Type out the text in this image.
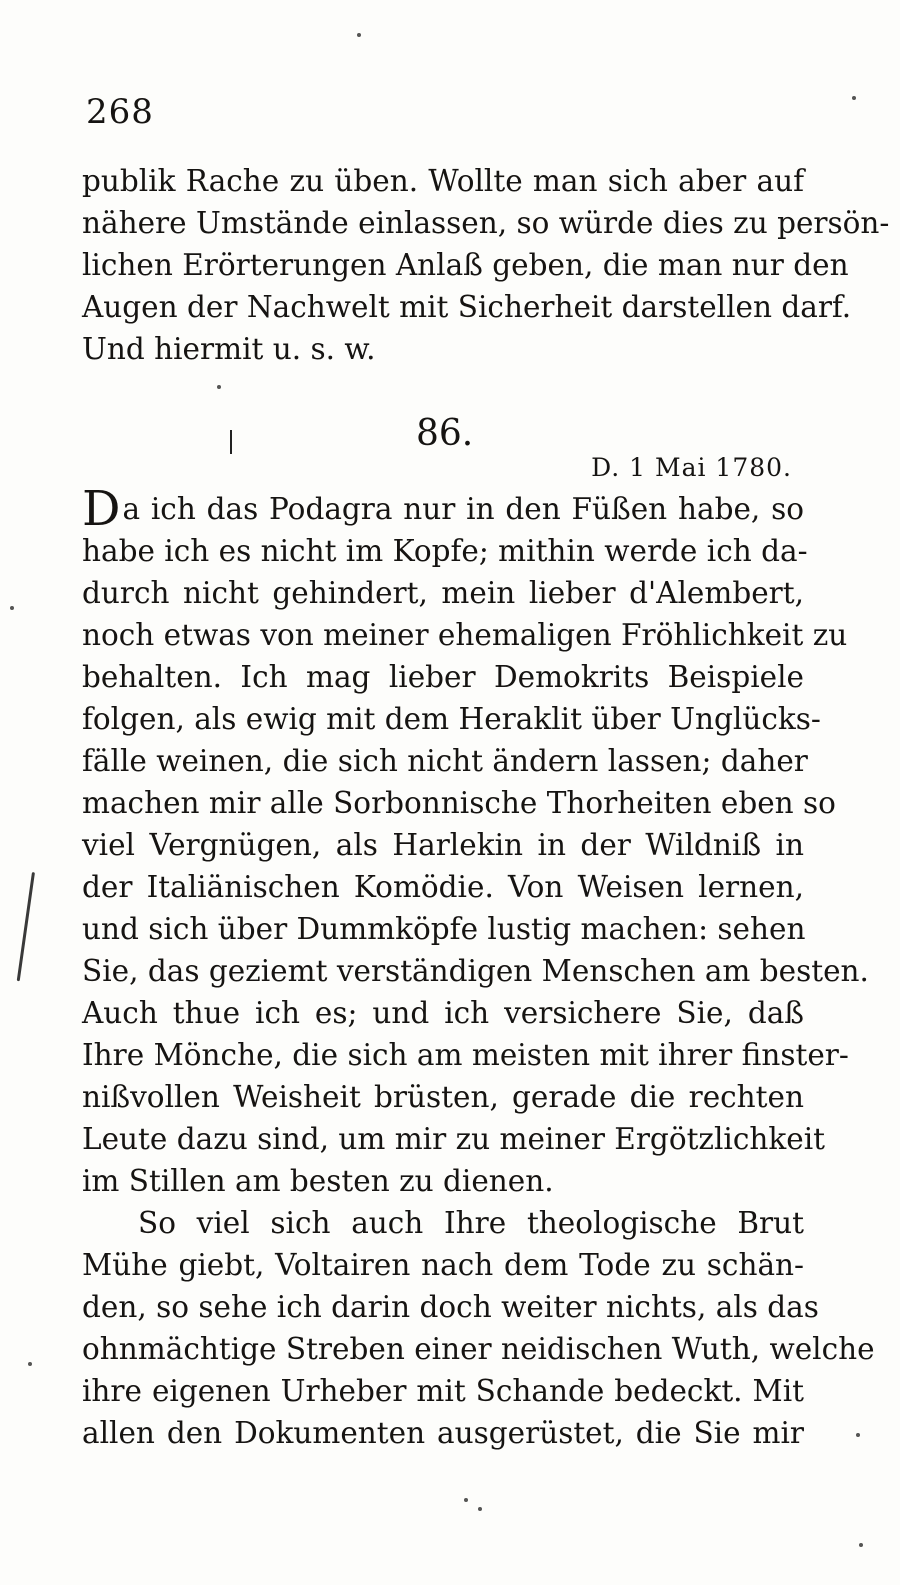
268
publik Rache zu üben. Wollte man sich aber auf
nähere Umstände einlassen, so würde dies zu persön-
lichen Erörterungen Anlaß geben, die man nur den
Augen der Nachwelt mit Sicherheit darstellen darf.
Und hiermit u. s. w.
86.
D. 1 Mai 1780.
Da ich das Podagra nur in den Füßen habe, so
habe ich es nicht im Kopfe; mithin werde ich da-
durch nicht gehindert, mein lieber d'Alembert,
noch etwas von meiner ehemaligen Fröhlichkeit zu
behalten. Ich mag lieber Demokrits Beispiele
folgen, als ewig mit dem Heraklit über Unglücks-
fälle weinen, die sich nicht ändern lassen; daher
machen mir alle Sorbonnische Thorheiten eben so
viel Vergnügen, als Harlekin in der Wildniß in
der Italiänischen Komödie. Von Weisen lernen,
und sich über Dummköpfe lustig machen: sehen
Sie, das geziemt verständigen Menschen am besten.
Auch thue ich es; und ich versichere Sie, daß
Ihre Mönche, die sich am meisten mit ihrer finster-
nißvollen Weisheit brüsten, gerade die rechten
Leute dazu sind, um mir zu meiner Ergötzlichkeit
im Stillen am besten zu dienen.
So viel sich auch Ihre theologische Brut
Mühe giebt, Voltairen nach dem Tode zu schän-
den, so sehe ich darin doch weiter nichts, als das
ohnmächtige Streben einer neidischen Wuth, welche
ihre eigenen Urheber mit Schande bedeckt. Mit
allen den Dokumenten ausgerüstet, die Sie mir
